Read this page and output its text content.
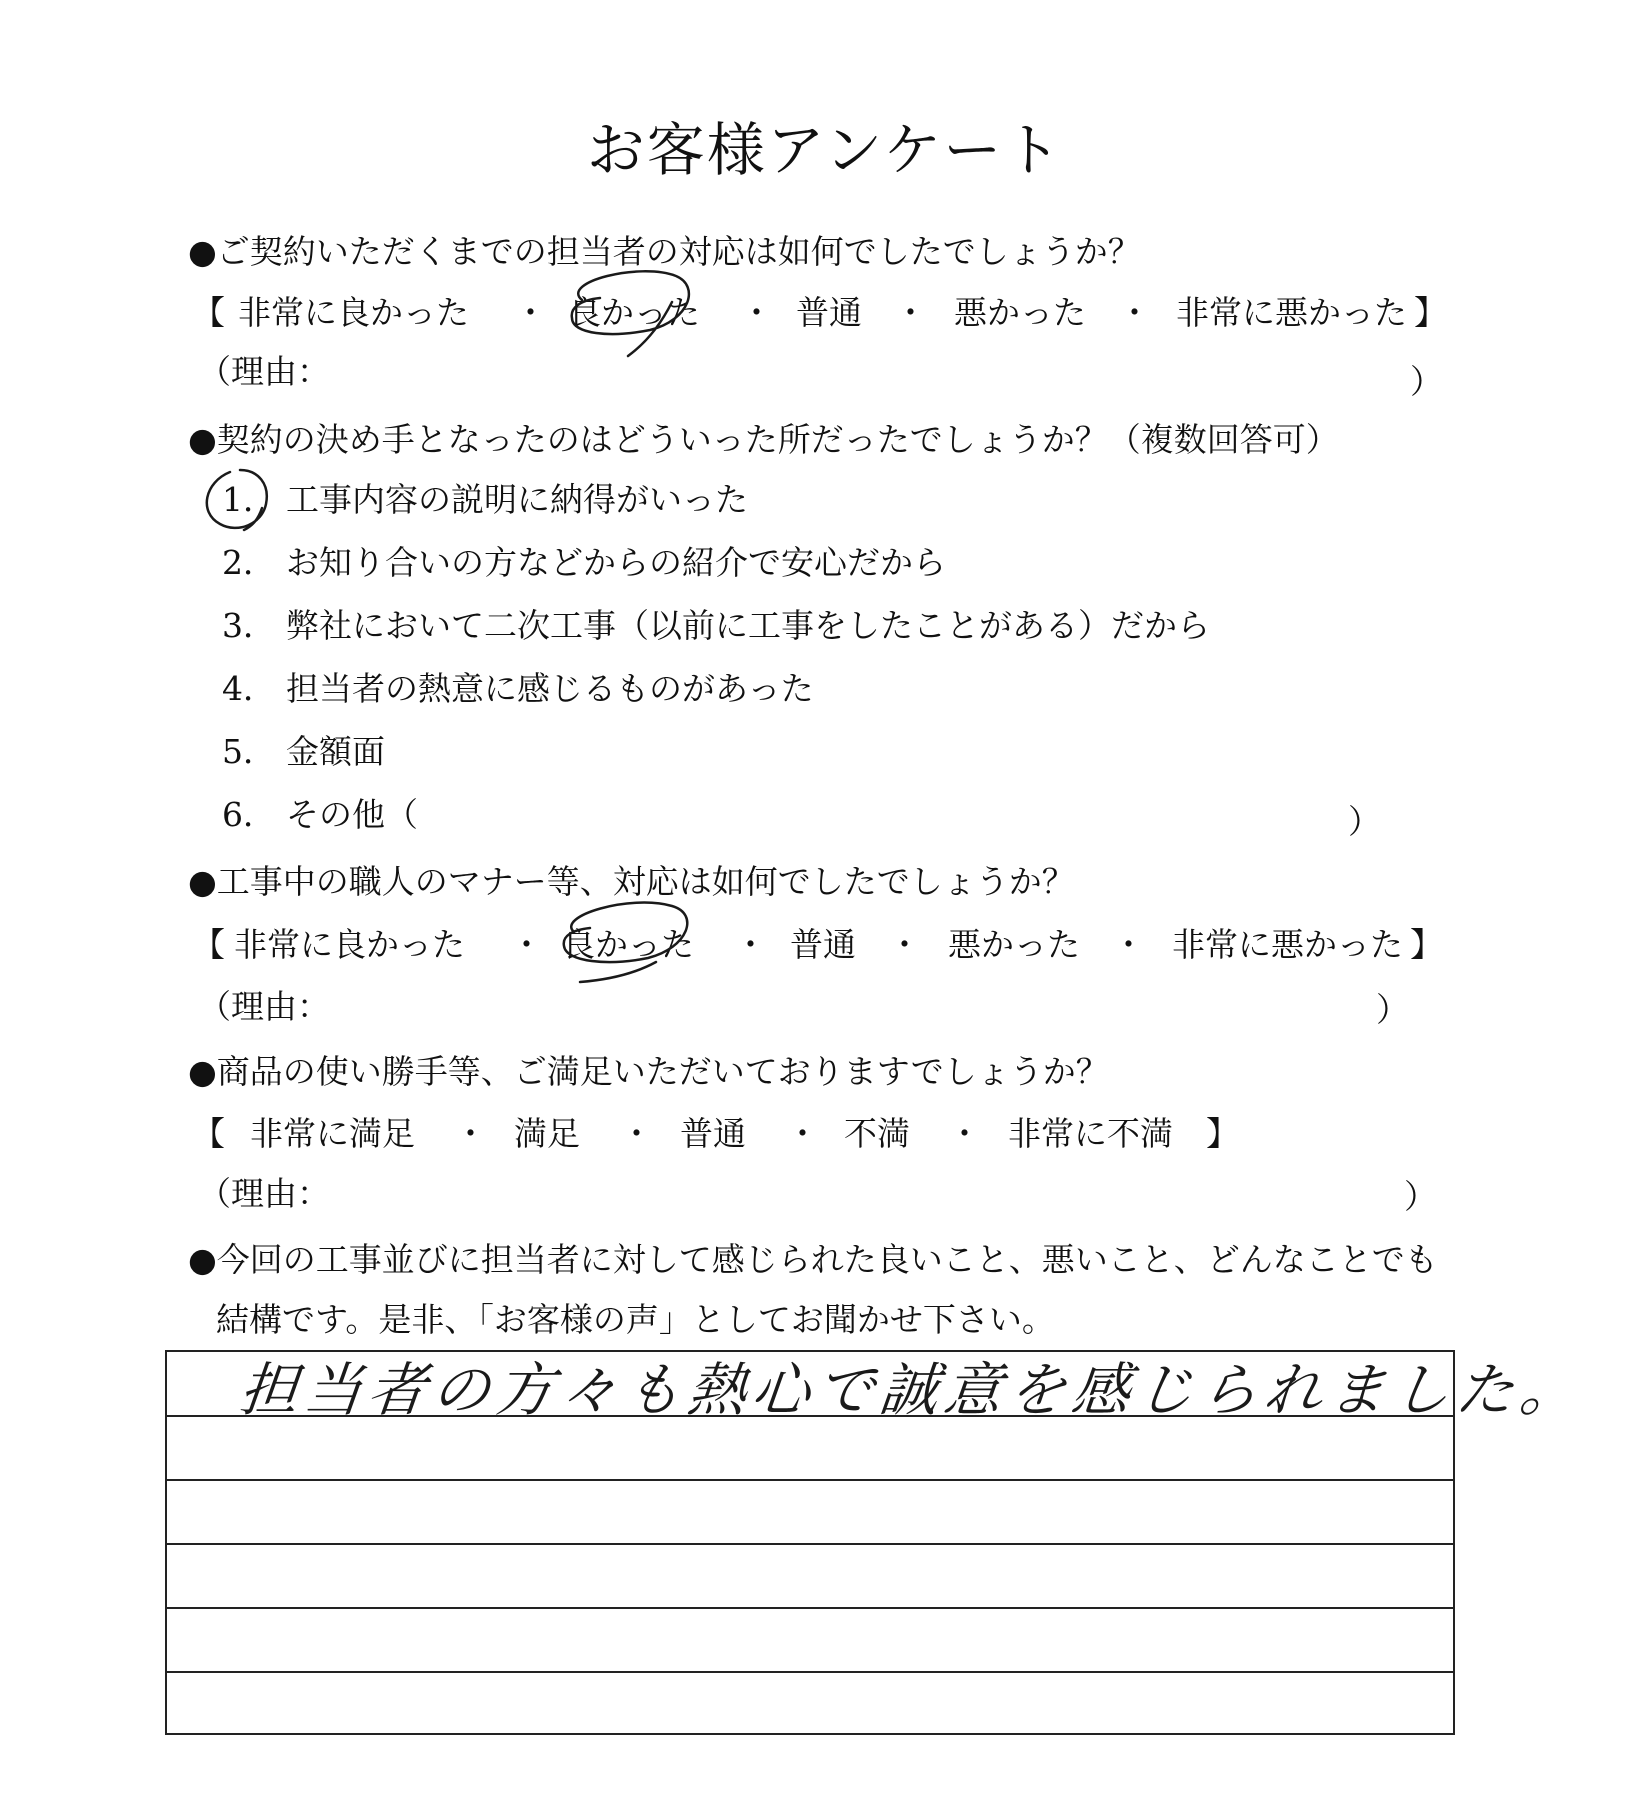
お客様アンケート
●ご契約いただくまでの担当者の対応は如何でしたでしょうか？
【 非常に良かった ・ 良かった ・ 普通 ・ 悪かった ・ 非常に悪かった 】
（理由：	）
●契約の決め手となったのはどういった所だったでしょうか？（複数回答可）
1． 工事内容の説明に納得がいった
2． お知り合いの方などからの紹介で安心だから
3． 弊社において二次工事（以前に工事をしたことがある）だから
4． 担当者の熱意に感じるものがあった
5． 金額面
6． その他（	）
●工事中の職人のマナー等、対応は如何でしたでしょうか？
【 非常に良かった ・ 良かった ・ 普通 ・ 悪かった ・ 非常に悪かった 】
（理由：	）
●商品の使い勝手等、ご満足いただいておりますでしょうか？
【 非常に満足 ・ 満足 ・ 普通 ・ 不満 ・ 非常に不満 】
（理由：	）
●今回の工事並びに担当者に対して感じられた良いこと、悪いこと、どんなことでも
結構です。是非、「お客様の声」としてお聞かせ下さい。
担当者の方々も熱心で誠意を感じられました。
